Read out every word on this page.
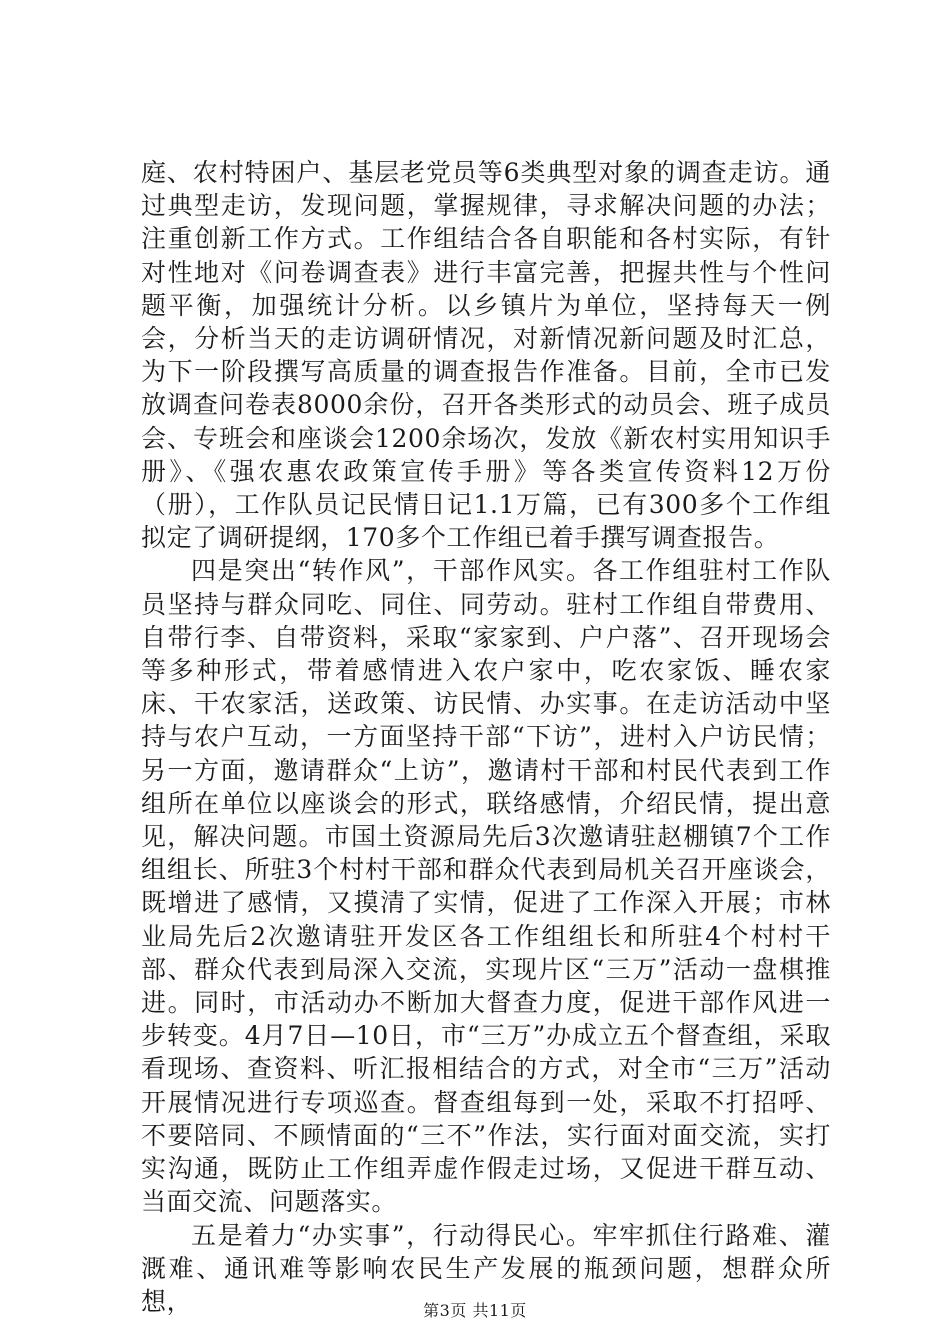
庭、农村特困户、基层老党员等6类典型对象的调查走访。通过典型走访，发现问题，掌握规律，寻求解决问题的办法；注重创新工作方式。工作组结合各自职能和各村实际，有针对性地对《问卷调查表》进行丰富完善，把握共性与个性问题平衡，加强统计分析。以乡镇片为单位，坚持每天一例会，分析当天的走访调研情况，对新情况新问题及时汇总，为下一阶段撰写高质量的调查报告作准备。目前，全市已发放调查问卷表8000余份，召开各类形式的动员会、班子成员会、专班会和座谈会1200余场次，发放《新农村实用知识手册》、《强农惠农政策宣传手册》等各类宣传资料12万份（册），工作队员记民情日记1.1万篇，已有300多个工作组拟定了调研提纲，170多个工作组已着手撰写调查报告。

四是突出“转作风”，干部作风实。各工作组驻村工作队员坚持与群众同吃、同住、同劳动。驻村工作组自带费用、自带行李、自带资料，采取“家家到、户户落”、召开现场会等多种形式，带着感情进入农户家中，吃农家饭、睡农家床、干农家活，送政策、访民情、办实事。在走访活动中坚持与农户互动，一方面坚持干部“下访”，进村入户访民情；另一方面，邀请群众“上访”，邀请村干部和村民代表到工作组所在单位以座谈会的形式，联络感情，介绍民情，提出意见，解决问题。市国土资源局先后3次邀请驻赵棚镇7个工作组组长、所驻3个村村干部和群众代表到局机关召开座谈会，既增进了感情，又摸清了实情，促进了工作深入开展；市林业局先后2次邀请驻开发区各工作组组长和所驻4个村村干部、群众代表到局深入交流，实现片区“三万”活动一盘棋推进。同时，市活动办不断加大督查力度，促进干部作风进一步转变。4月7日—10日，市“三万”办成立五个督查组，采取看现场、查资料、听汇报相结合的方式，对全市“三万”活动开展情况进行专项巡查。督查组每到一处，采取不打招呼、不要陪同、不顾情面的“三不”作法，实行面对面交流，实打实沟通，既防止工作组弄虚作假走过场，又促进干群互动、当面交流、问题落实。

五是着力“办实事”，行动得民心。牢牢抓住行路难、灌溉难、通讯难等影响农民生产发展的瓶颈问题，想群众所想，	第3页 共11页
